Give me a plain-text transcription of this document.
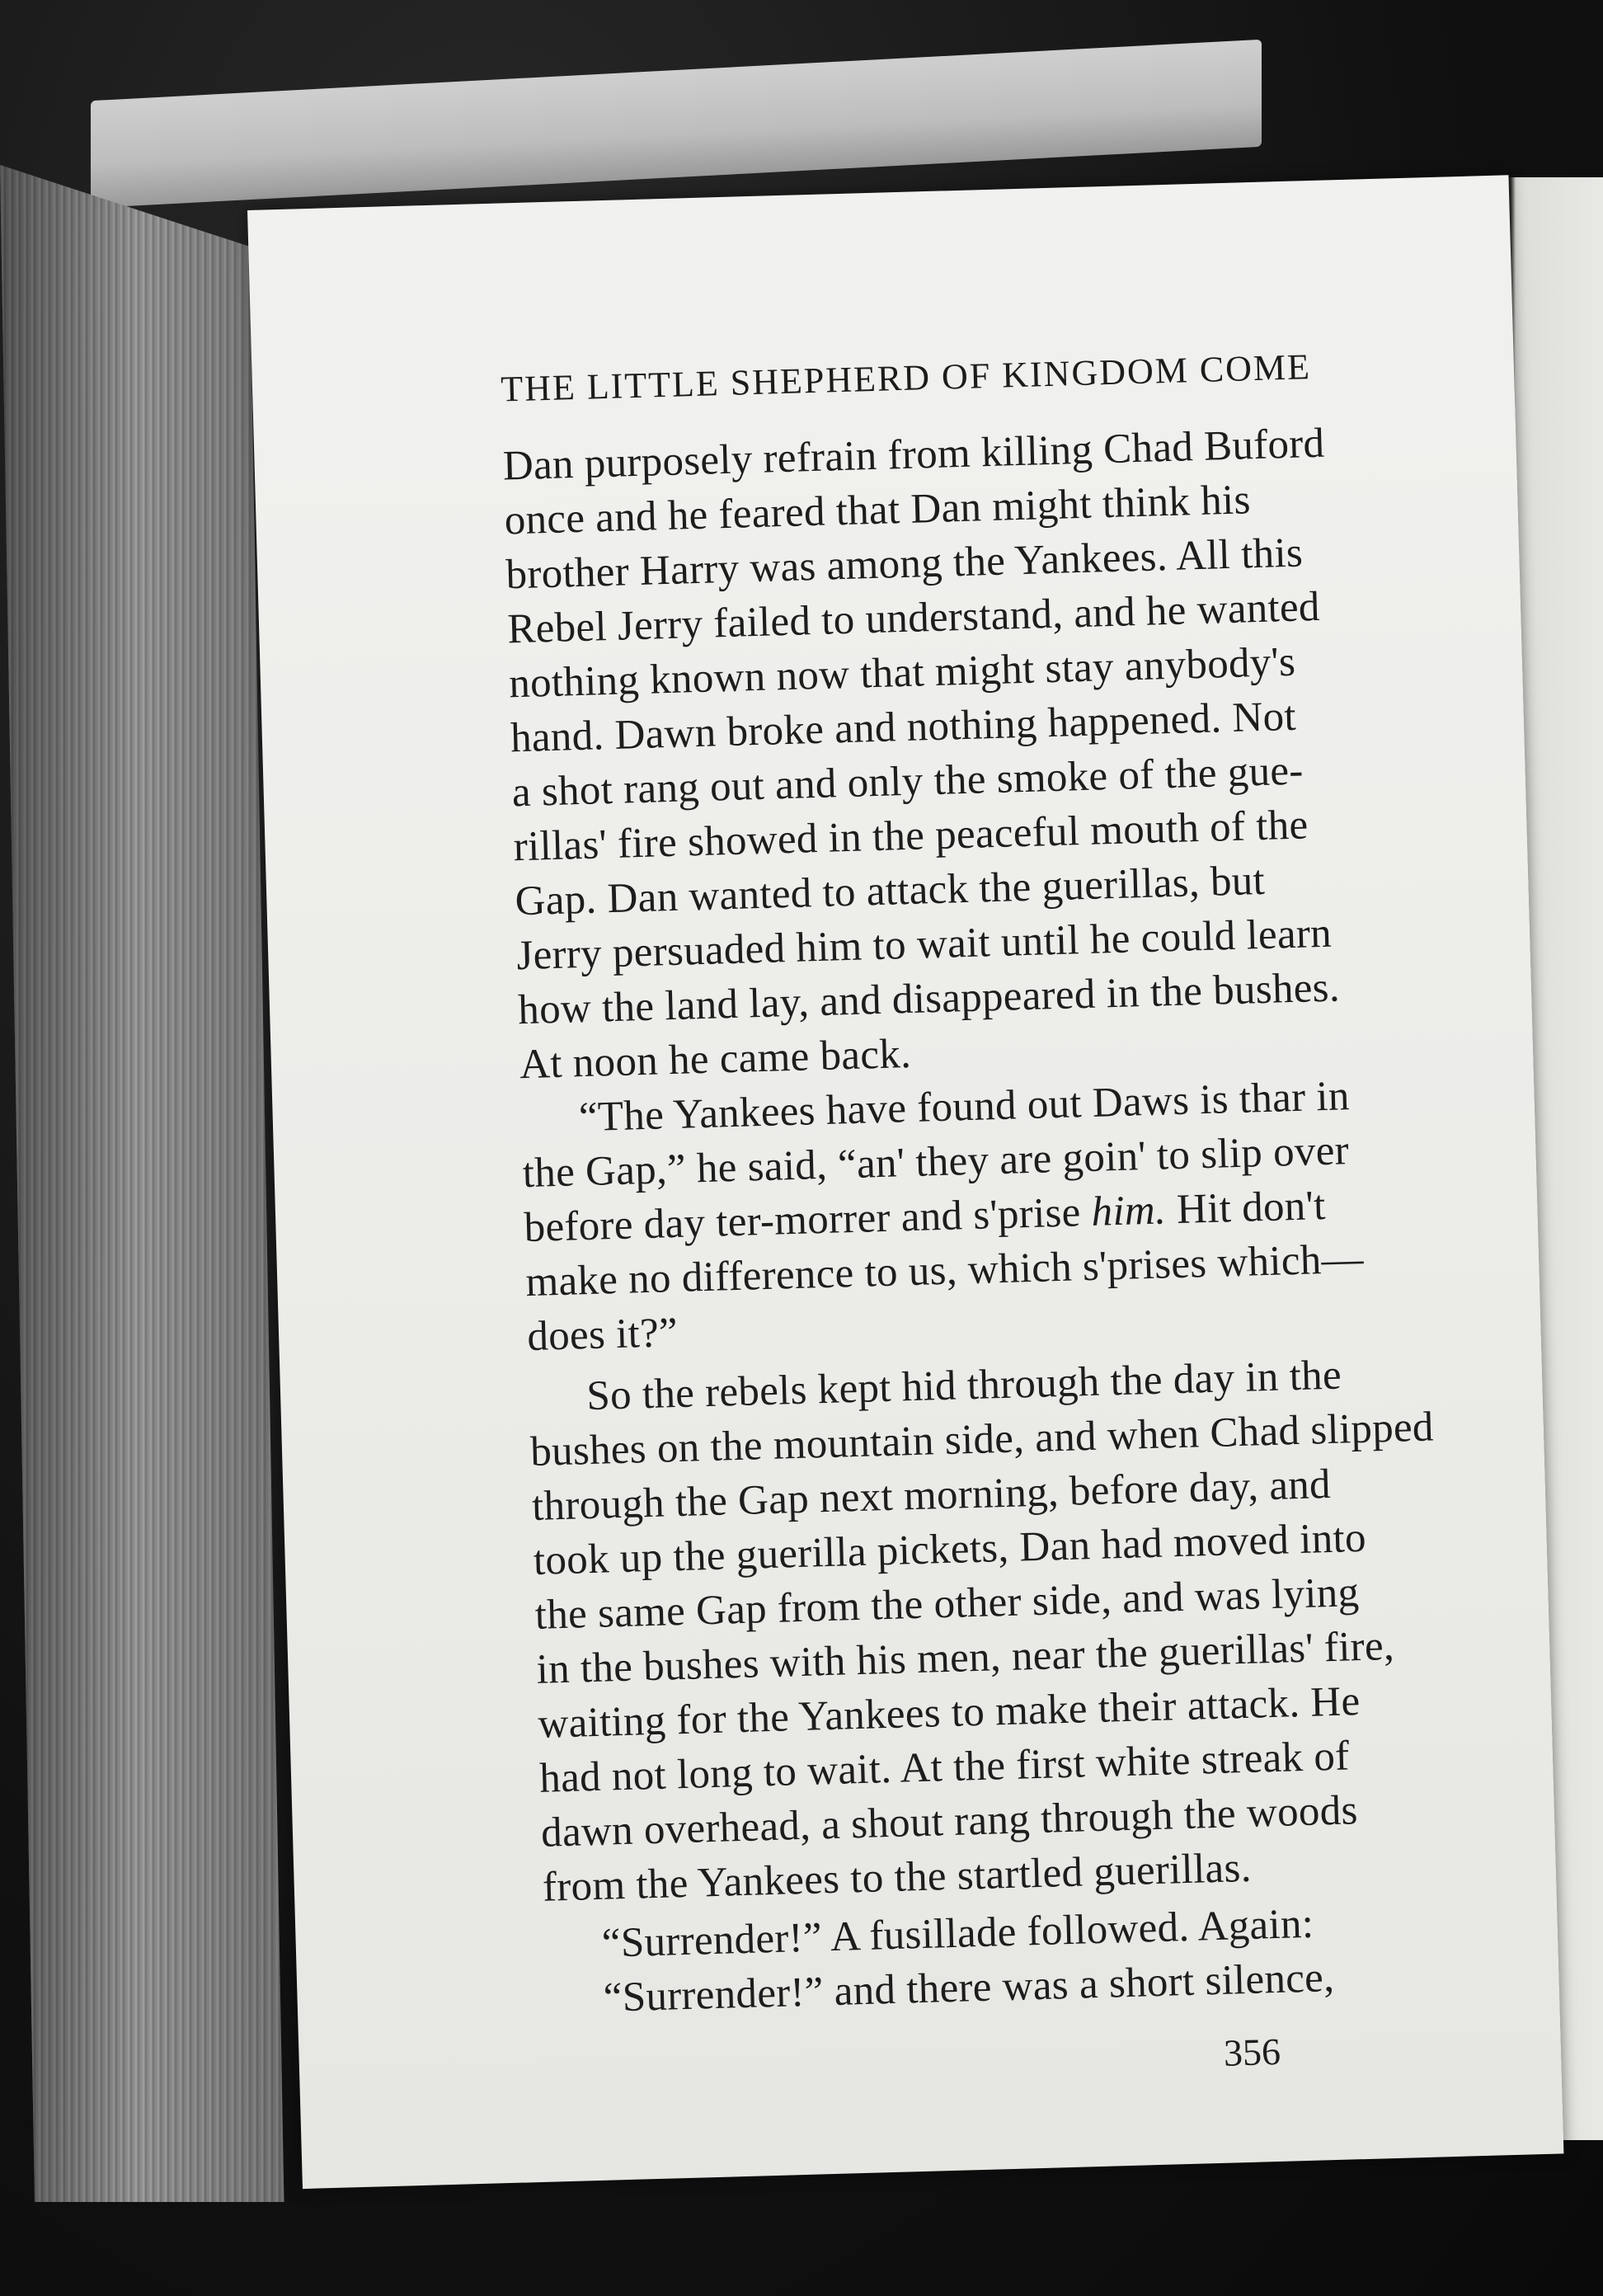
THE LITTLE SHEPHERD OF KINGDOM COME
Dan purposely refrain from killing Chad Buford
once and he feared that Dan might think his
brother Harry was among the Yankees. All this
Rebel Jerry failed to understand, and he wanted
nothing known now that might stay anybody's
hand. Dawn broke and nothing happened. Not
a shot rang out and only the smoke of the gue-
rillas' fire showed in the peaceful mouth of the
Gap. Dan wanted to attack the guerillas, but
Jerry persuaded him to wait until he could learn
how the land lay, and disappeared in the bushes.
At noon he came back.
“The Yankees have found out Daws is thar in
the Gap,” he said, “an' they are goin' to slip over
before day ter-morrer and s'prise him. Hit don't
make no difference to us, which s'prises which—
does it?”
So the rebels kept hid through the day in the
bushes on the mountain side, and when Chad slipped
through the Gap next morning, before day, and
took up the guerilla pickets, Dan had moved into
the same Gap from the other side, and was lying
in the bushes with his men, near the guerillas' fire,
waiting for the Yankees to make their attack. He
had not long to wait. At the first white streak of
dawn overhead, a shout rang through the woods
from the Yankees to the startled guerillas.
“Surrender!” A fusillade followed. Again:
“Surrender!” and there was a short silence,
356
